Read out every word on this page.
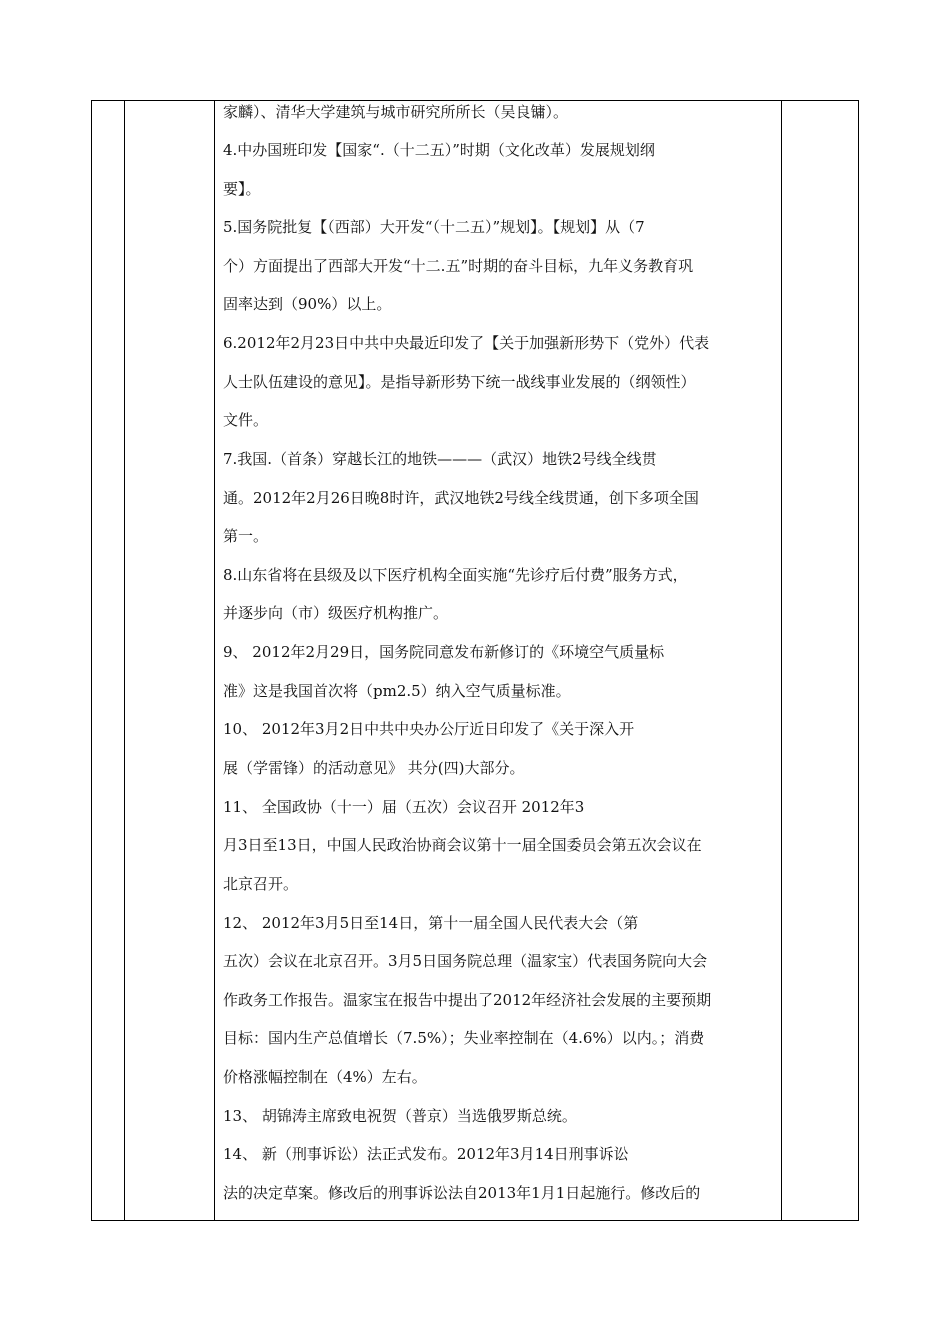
家麟）、清华大学建筑与城市研究所所长（吴良镛）。
4.中办国班印发【国家“.（十二五）”时期（文化改革）发展规划纲
要】。
5.国务院批复【（西部）大开发“（十二五）”规划】。【规划】从（7
个）方面提出了西部大开发“十二.五”时期的奋斗目标，九年义务教育巩
固率达到（90%）以上。
6.2012年2月23日中共中央最近印发了【关于加强新形势下（党外）代表
人士队伍建设的意见】。是指导新形势下统一战线事业发展的（纲领性）
文件。
7.我国.（首条）穿越长江的地铁———（武汉）地铁2号线全线贯
通。2012年2月26日晚8时许，武汉地铁2号线全线贯通，创下多项全国
第一。
8.山东省将在县级及以下医疗机构全面实施“先诊疗后付费”服务方式，
并逐步向（市）级医疗机构推广。
9、 2012年2月29日，国务院同意发布新修订的《环境空气质量标
准》这是我国首次将（pm2.5）纳入空气质量标准。
10、 2012年3月2日中共中央办公厅近日印发了《关于深入开
展（学雷锋）的活动意见》 共分(四)大部分。
11、 全国政协（十一）届（五次）会议召开 2012年3
月3日至13日，中国人民政治协商会议第十一届全国委员会第五次会议在
北京召开。
12、 2012年3月5日至14日，第十一届全国人民代表大会（第
五次）会议在北京召开。3月5日国务院总理（温家宝）代表国务院向大会
作政务工作报告。温家宝在报告中提出了2012年经济社会发展的主要预期
目标：国内生产总值增长（7.5%）；失业率控制在（4.6%）以内。；消费
价格涨幅控制在（4%）左右。
13、 胡锦涛主席致电祝贺（普京）当选俄罗斯总统。
14、 新（刑事诉讼）法正式发布。2012年3月14日刑事诉讼
法的决定草案。修改后的刑事诉讼法自2013年1月1日起施行。修改后的
